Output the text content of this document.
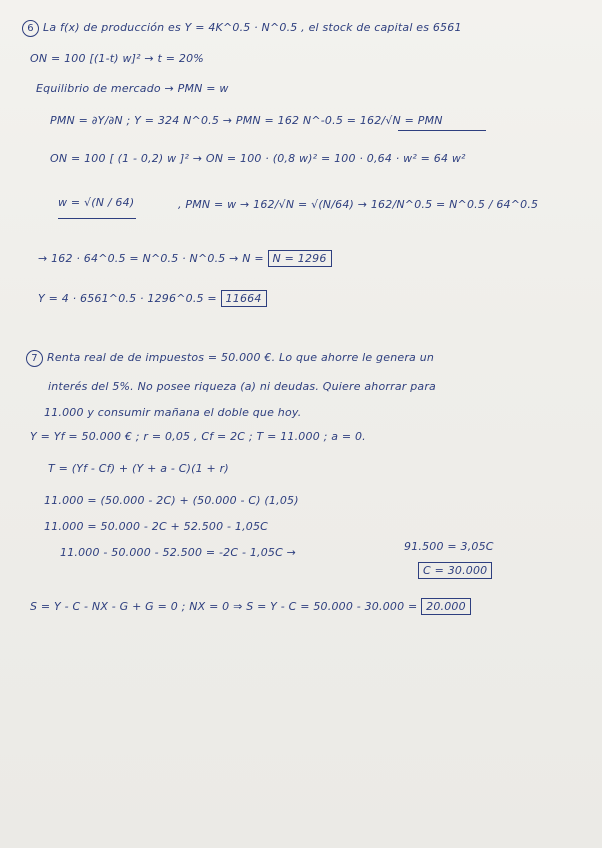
6 La f(x) de producción es Y = 4K^0.5 · N^0.5 , el stock de capital es 6561
ON = 100 [(1-t) w]² → t = 20%
Equilibrio de mercado → PMN = w
PMN = ∂Y/∂N ; Y = 324 N^0.5 → PMN = 162 N^-0.5 = 162/√N = PMN
ON = 100 [ (1 - 0,2) w ]² → ON = 100 · (0,8 w)² = 100 · 0,64 · w² = 64 w²
w = √(N / 64)	, PMN = w → 162/√N = √(N/64) → 162/N^0.5 = N^0.5 / 64^0.5
→ 162 · 64^0.5 = N^0.5 · N^0.5 → N = N = 1296
Y = 4 · 6561^0.5 · 1296^0.5 = 11664
7 Renta real de de impuestos = 50.000 €. Lo que ahorre le genera un
interés del 5%. No posee riqueza (a) ni deudas. Quiere ahorrar para
11.000 y consumir mañana el doble que hoy.
Y = Yf = 50.000 € ; r = 0,05 , Cf = 2C ; T = 11.000 ; a = 0.
T = (Yf - Cf) + (Y + a - C)(1 + r)
11.000 = (50.000 - 2C) + (50.000 - C) (1,05)
11.000 = 50.000 - 2C + 52.500 - 1,05C
11.000 - 50.000 - 52.500 = -2C - 1,05C →	91.500 = 3,05C
C = 30.000
S = Y - C - NX - G + G = 0 ; NX = 0 ⇒ S = Y - C = 50.000 - 30.000 = 20.000
